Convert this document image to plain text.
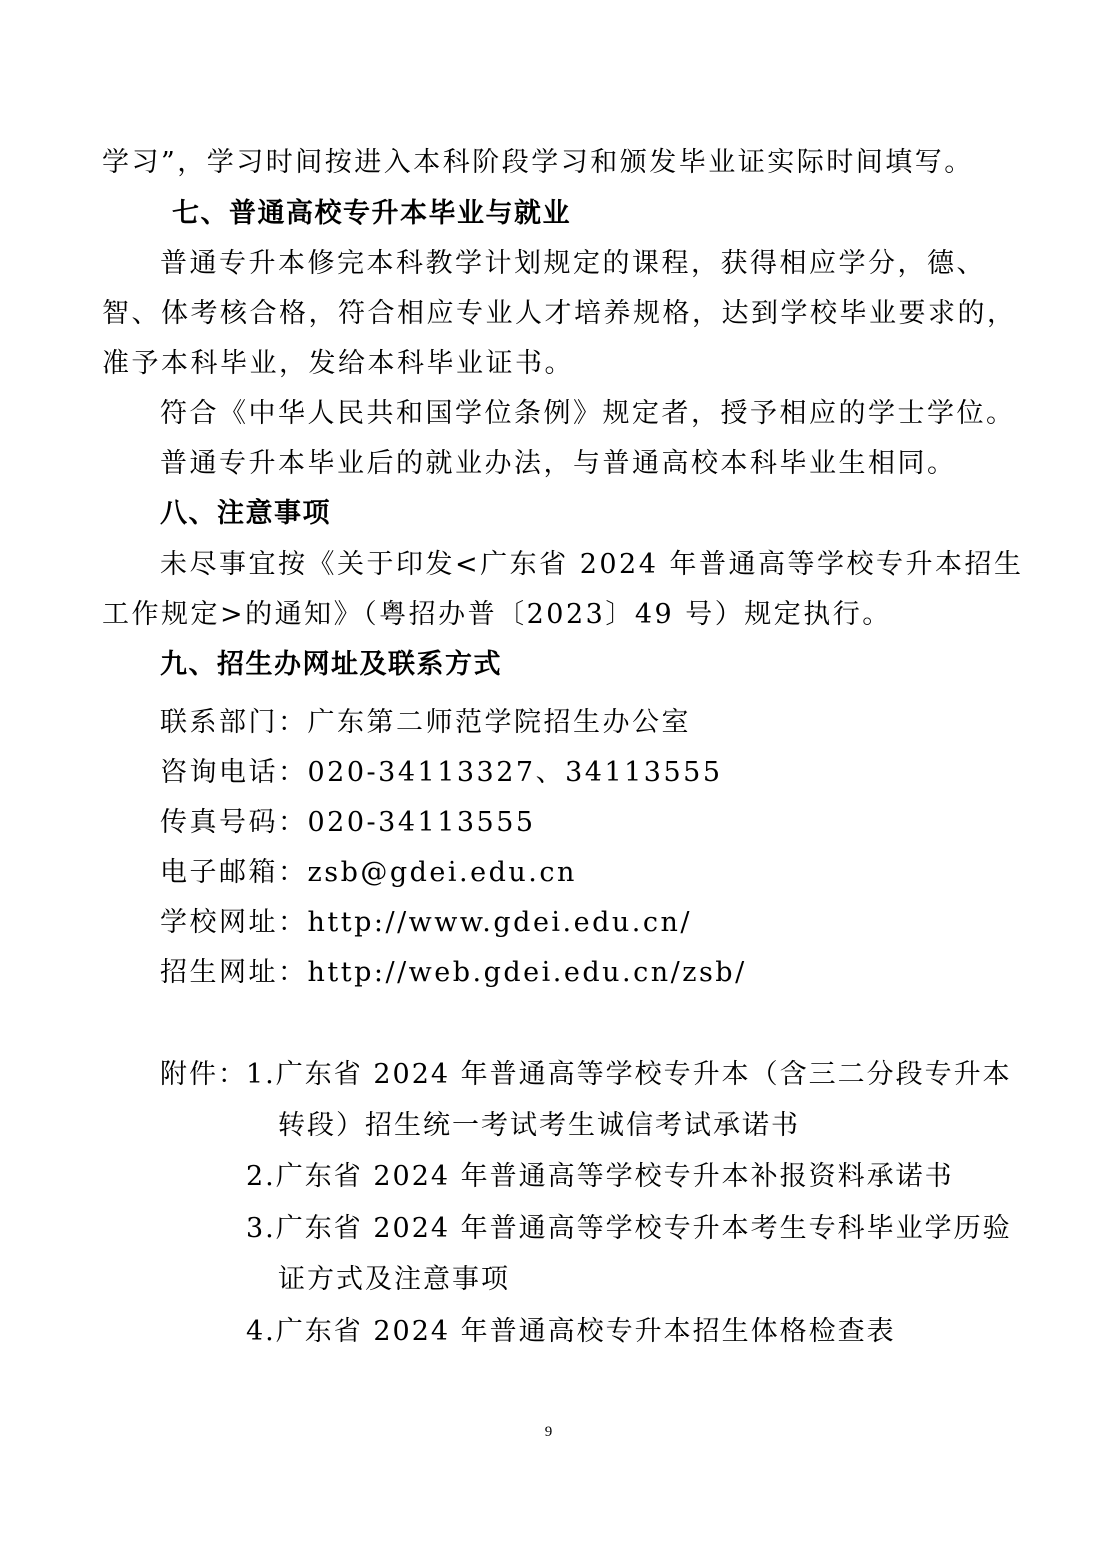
学习”，学习时间按进入本科阶段学习和颁发毕业证实际时间填写。
七、普通高校专升本毕业与就业
普通专升本修完本科教学计划规定的课程，获得相应学分，德、
智、体考核合格，符合相应专业人才培养规格，达到学校毕业要求的，
准予本科毕业，发给本科毕业证书。
符合《中华人民共和国学位条例》规定者，授予相应的学士学位。
普通专升本毕业后的就业办法，与普通高校本科毕业生相同。
八、注意事项
未尽事宜按《关于印发<广东省 2024 年普通高等学校专升本招生
工作规定>的通知》（粤招办普〔2023〕49 号）规定执行。
九、招生办网址及联系方式
联系部门：广东第二师范学院招生办公室
咨询电话：020-34113327、34113555
传真号码：020-34113555
电子邮箱：zsb@gdei.edu.cn
学校网址：http://www.gdei.edu.cn/
招生网址：http://web.gdei.edu.cn/zsb/
附件： 1.广东省 2024 年普通高等学校专升本（含三二分段专升本
转段）招生统一考试考生诚信考试承诺书
2.广东省 2024 年普通高等学校专升本补报资料承诺书
3.广东省 2024 年普通高等学校专升本考生专科毕业学历验
证方式及注意事项
4.广东省 2024 年普通高校专升本招生体格检查表
9
